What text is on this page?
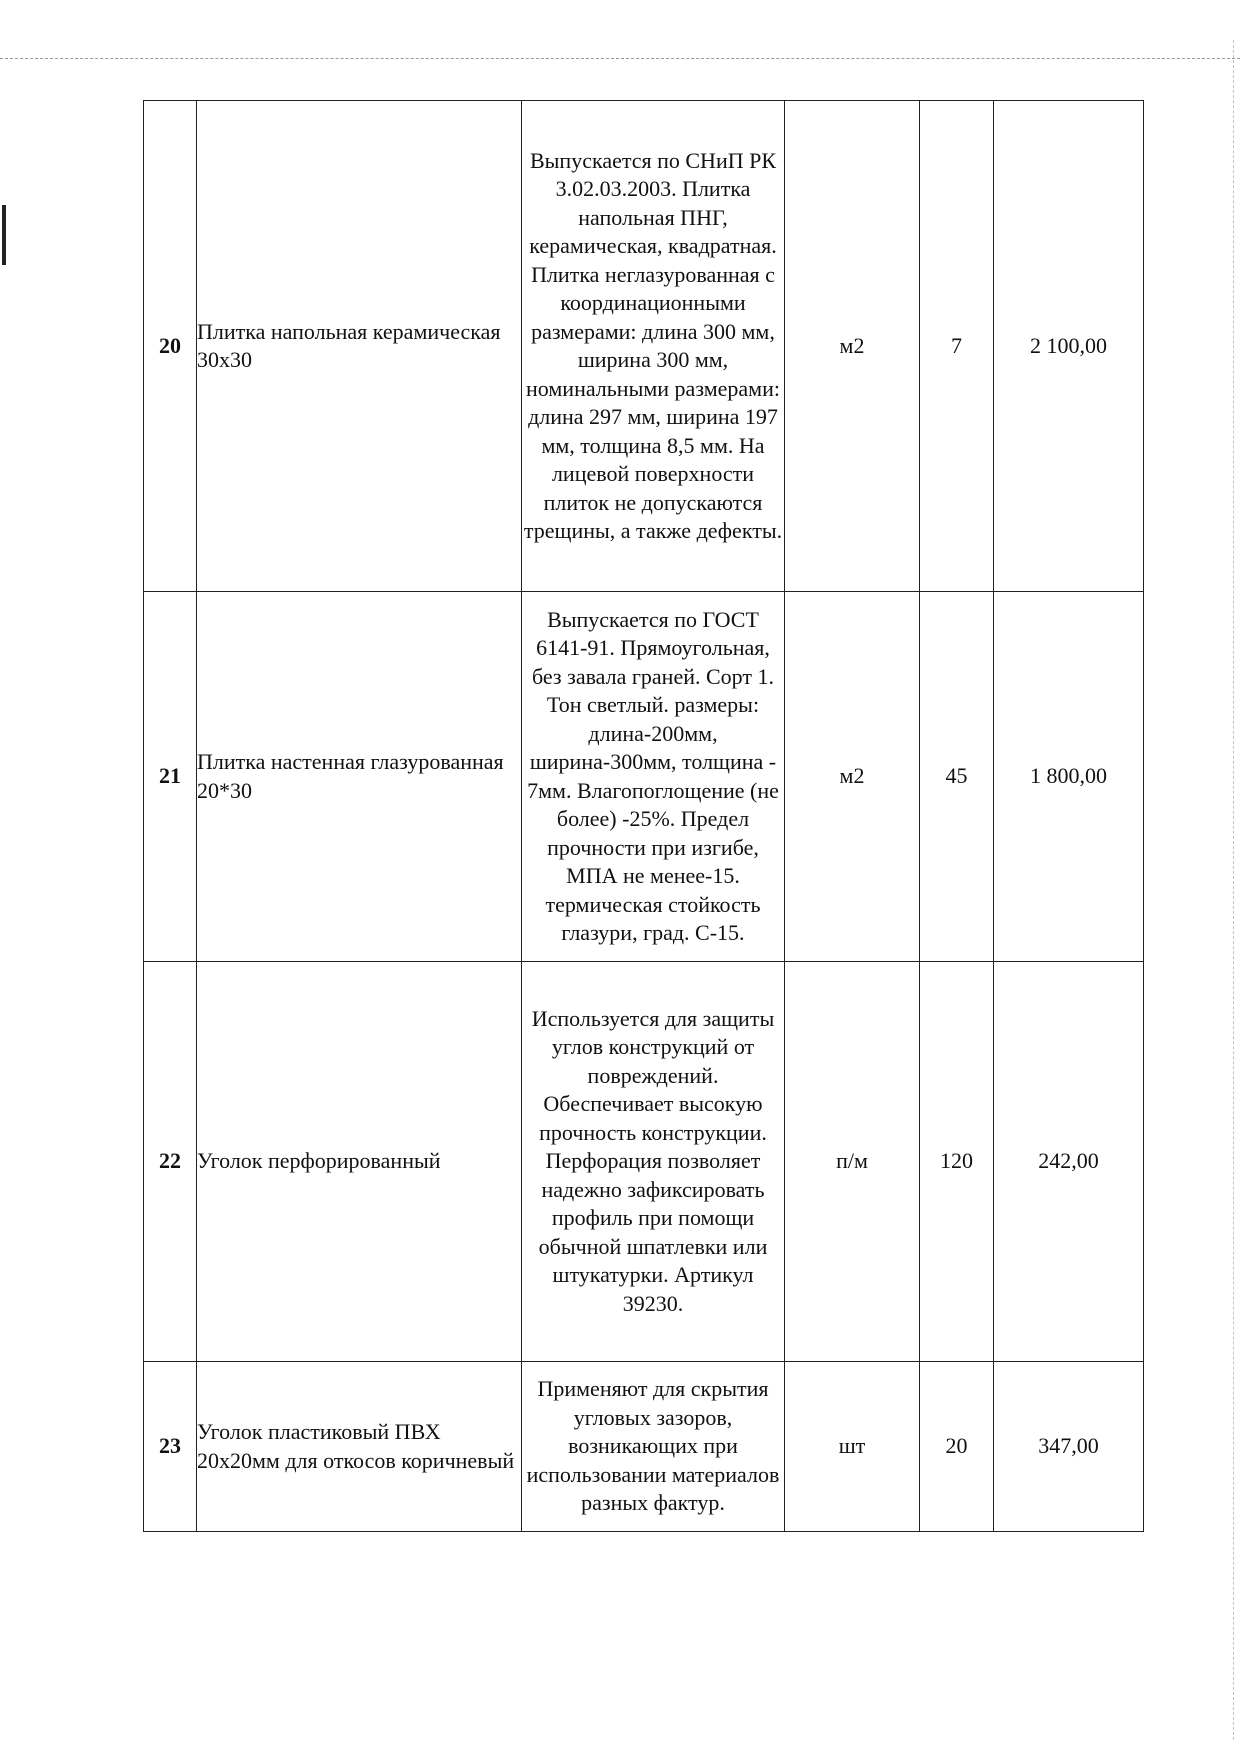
20	Плитка напольная керамическая 30х30	Выпускается по СНиП РК 3.02.03.2003. Плитка напольная ПНГ, керамическая, квадратная. Плитка неглазурованная с координационными размерами: длина 300 мм, ширина 300 мм, номинальными размерами: длина 297 мм, ширина 197 мм, толщина 8,5 мм. На лицевой поверхности плиток не допускаются трещины, а также дефекты.	м2	7	2 100,00
21	Плитка настенная глазурованная 20*30	Выпускается по ГОСТ 6141-91. Прямоугольная, без завала граней. Сорт 1. Тон светлый. размеры: длина-200мм, ширина-300мм, толщина - 7мм. Влагопоглощение (не более) -25%. Предел прочности при изгибе, МПА не менее-15. термическая стойкость глазури, град. С-15.	м2	45	1 800,00
22	Уголок перфорированный	Используется для защиты углов конструкций от повреждений. Обеспечивает высокую прочность конструкции. Перфорация позволяет надежно зафиксировать профиль при помощи обычной шпатлевки или штукатурки. Артикул 39230.	п/м	120	242,00
23	Уголок пластиковый ПВХ 20х20мм для откосов коричневый	Применяют для скрытия угловых зазоров, возникающих при использовании материалов разных фактур.	шт	20	347,00
